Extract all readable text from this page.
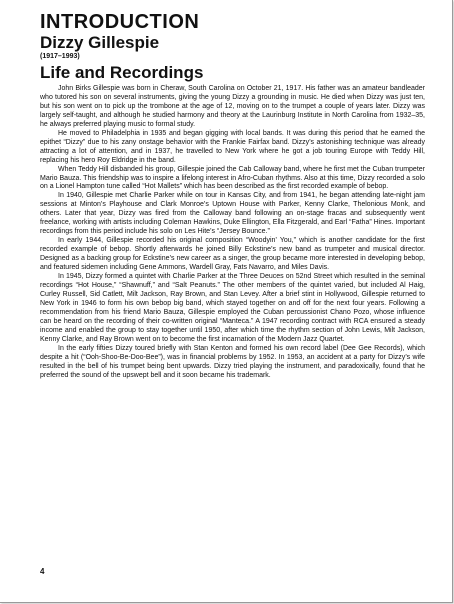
INTRODUCTION
Dizzy Gillespie
(1917–1993)
Life and Recordings

John Birks Gillespie was born in Cheraw, South Carolina on October 21, 1917. His father was an amateur bandleader who tutored his son on several instruments, giving the young Dizzy a grounding in music. He died when Dizzy was just ten, but his son went on to pick up the trombone at the age of 12, moving on to the trumpet a couple of years later. Dizzy was largely self-taught, and although he studied harmony and theory at the Laurinburg Institute in North Carolina from 1932–35, he always preferred playing music to formal study.

He moved to Philadelphia in 1935 and began gigging with local bands. It was during this period that he earned the epithet “Dizzy” due to his zany onstage behavior with the Frankie Fairfax band. Dizzy’s astonishing technique was already attracting a lot of attention, and in 1937, he travelled to New York where he got a job touring Europe with Teddy Hill, replacing his hero Roy Eldridge in the band.

When Teddy Hill disbanded his group, Gillespie joined the Cab Calloway band, where he first met the Cuban trumpeter Mario Bauza. This friendship was to inspire a lifelong interest in Afro-Cuban rhythms. Also at this time, Dizzy recorded a solo on a Lionel Hampton tune called “Hot Mallets” which has been described as the first recorded example of bebop.

In 1940, Gillespie met Charlie Parker while on tour in Kansas City, and from 1941, he began attending late-night jam sessions at Minton’s Playhouse and Clark Monroe’s Uptown House with Parker, Kenny Clarke, Thelonious Monk, and others. Later that year, Dizzy was fired from the Calloway band following an on-stage fracas and subsequently went freelance, working with artists including Coleman Hawkins, Duke Ellington, Ella Fitzgerald, and Earl “Fatha” Hines. Important recordings from this period include his solo on Les Hite’s “Jersey Bounce.”

In early 1944, Gillespie recorded his original composition “Woodyin’ You,” which is another candidate for the first recorded example of bebop. Shortly afterwards he joined Billy Eckstine’s new band as trumpeter and musical director. Designed as a backing group for Eckstine’s new career as a singer, the group became more interested in developing bebop, and featured sidemen including Gene Ammons, Wardell Gray, Fats Navarro, and Miles Davis.

In 1945, Dizzy formed a quintet with Charlie Parker at the Three Deuces on 52nd Street which resulted in the seminal recordings “Hot House,” “Shawnuff,” and “Salt Peanuts.” The other members of the quintet varied, but included Al Haig, Curley Russell, Sid Catlett, Milt Jackson, Ray Brown, and Stan Levey. After a brief stint in Hollywood, Gillespie returned to New York in 1946 to form his own bebop big band, which stayed together on and off for the next four years. Following a recommendation from his friend Mario Bauza, Gillespie employed the Cuban percussionist Chano Pozo, whose influence can be heard on the recording of their co-written original “Manteca.” A 1947 recording contract with RCA ensured a steady income and enabled the group to stay together until 1950, after which time the rhythm section of John Lewis, Milt Jackson, Kenny Clarke, and Ray Brown went on to become the first incarnation of the Modern Jazz Quartet.

In the early fifties Dizzy toured briefly with Stan Kenton and formed his own record label (Dee Gee Records), which despite a hit (“Ooh-Shoo-Be-Doo-Bee”), was in financial problems by 1952. In 1953, an accident at a party for Dizzy’s wife resulted in the bell of his trumpet being bent upwards. Dizzy tried playing the instrument, and paradoxically, found that he preferred the sound of the upswept bell and it soon became his trademark.

4
